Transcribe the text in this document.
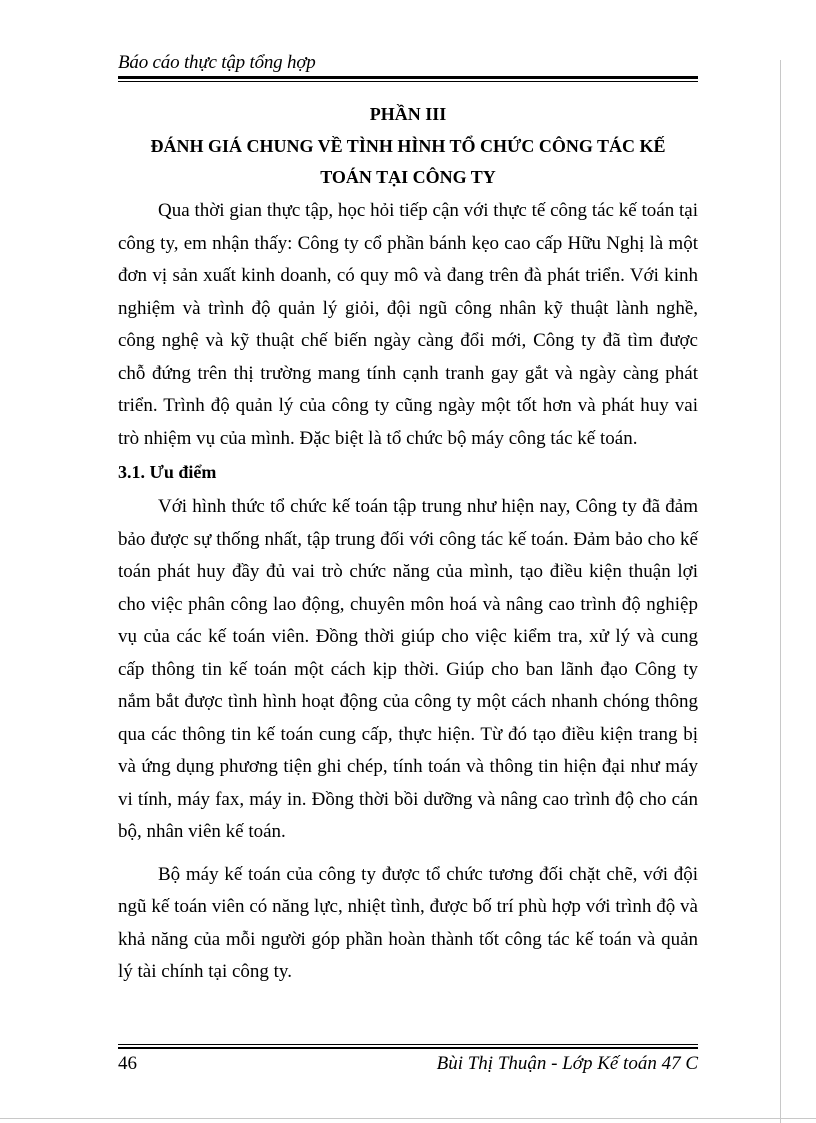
Báo cáo thực tập tổng hợp

PHẦN III

ĐÁNH GIÁ CHUNG VỀ TÌNH HÌNH TỔ CHỨC CÔNG TÁC KẾ

TOÁN TẠI CÔNG TY

Qua thời gian thực tập, học hỏi tiếp cận với thực tế công tác kế toán tại công ty, em nhận thấy: Công ty cổ phần bánh kẹo cao cấp Hữu Nghị là một đơn vị sản xuất kinh doanh, có quy mô và đang trên đà phát triển. Với kinh nghiệm và trình độ quản lý giỏi, đội ngũ công nhân kỹ thuật lành nghề, công nghệ và kỹ thuật chế biến ngày càng đổi mới, Công ty đã tìm được chỗ đứng trên thị trường mang tính cạnh tranh gay gắt và ngày càng phát triển. Trình độ quản lý của công ty cũng ngày một tốt hơn và phát huy vai trò nhiệm vụ của mình. Đặc biệt là tổ chức bộ máy công tác kế toán.

3.1. Ưu điểm

Với hình thức tổ chức kế toán tập trung như hiện nay, Công ty đã đảm bảo được sự thống nhất, tập trung đối với công tác kế toán. Đảm bảo cho kế toán phát huy đầy đủ vai trò chức năng của mình, tạo điều kiện thuận lợi cho việc phân công lao động, chuyên môn hoá và nâng cao trình độ nghiệp vụ của các kế toán viên. Đồng thời giúp cho việc kiểm tra, xử lý và cung cấp thông tin kế toán một cách kịp thời. Giúp cho ban lãnh đạo Công ty nắm bắt được tình hình hoạt động của công ty một cách nhanh chóng thông qua các thông tin kế toán cung cấp, thực hiện. Từ đó tạo điều kiện trang bị và ứng dụng phương tiện ghi chép, tính toán và thông tin hiện đại như máy vi tính, máy fax, máy in. Đồng thời bồi dưỡng và nâng cao trình độ cho cán bộ, nhân viên kế toán.

Bộ máy kế toán của công ty được tổ chức tương đối chặt chẽ, với đội ngũ kế toán viên có năng lực, nhiệt tình, được bố trí phù hợp với trình độ và khả năng của mỗi người góp phần hoàn thành tốt công tác kế toán và quản lý tài chính tại công ty.

46	Bùi Thị Thuận - Lớp Kế toán 47 C
